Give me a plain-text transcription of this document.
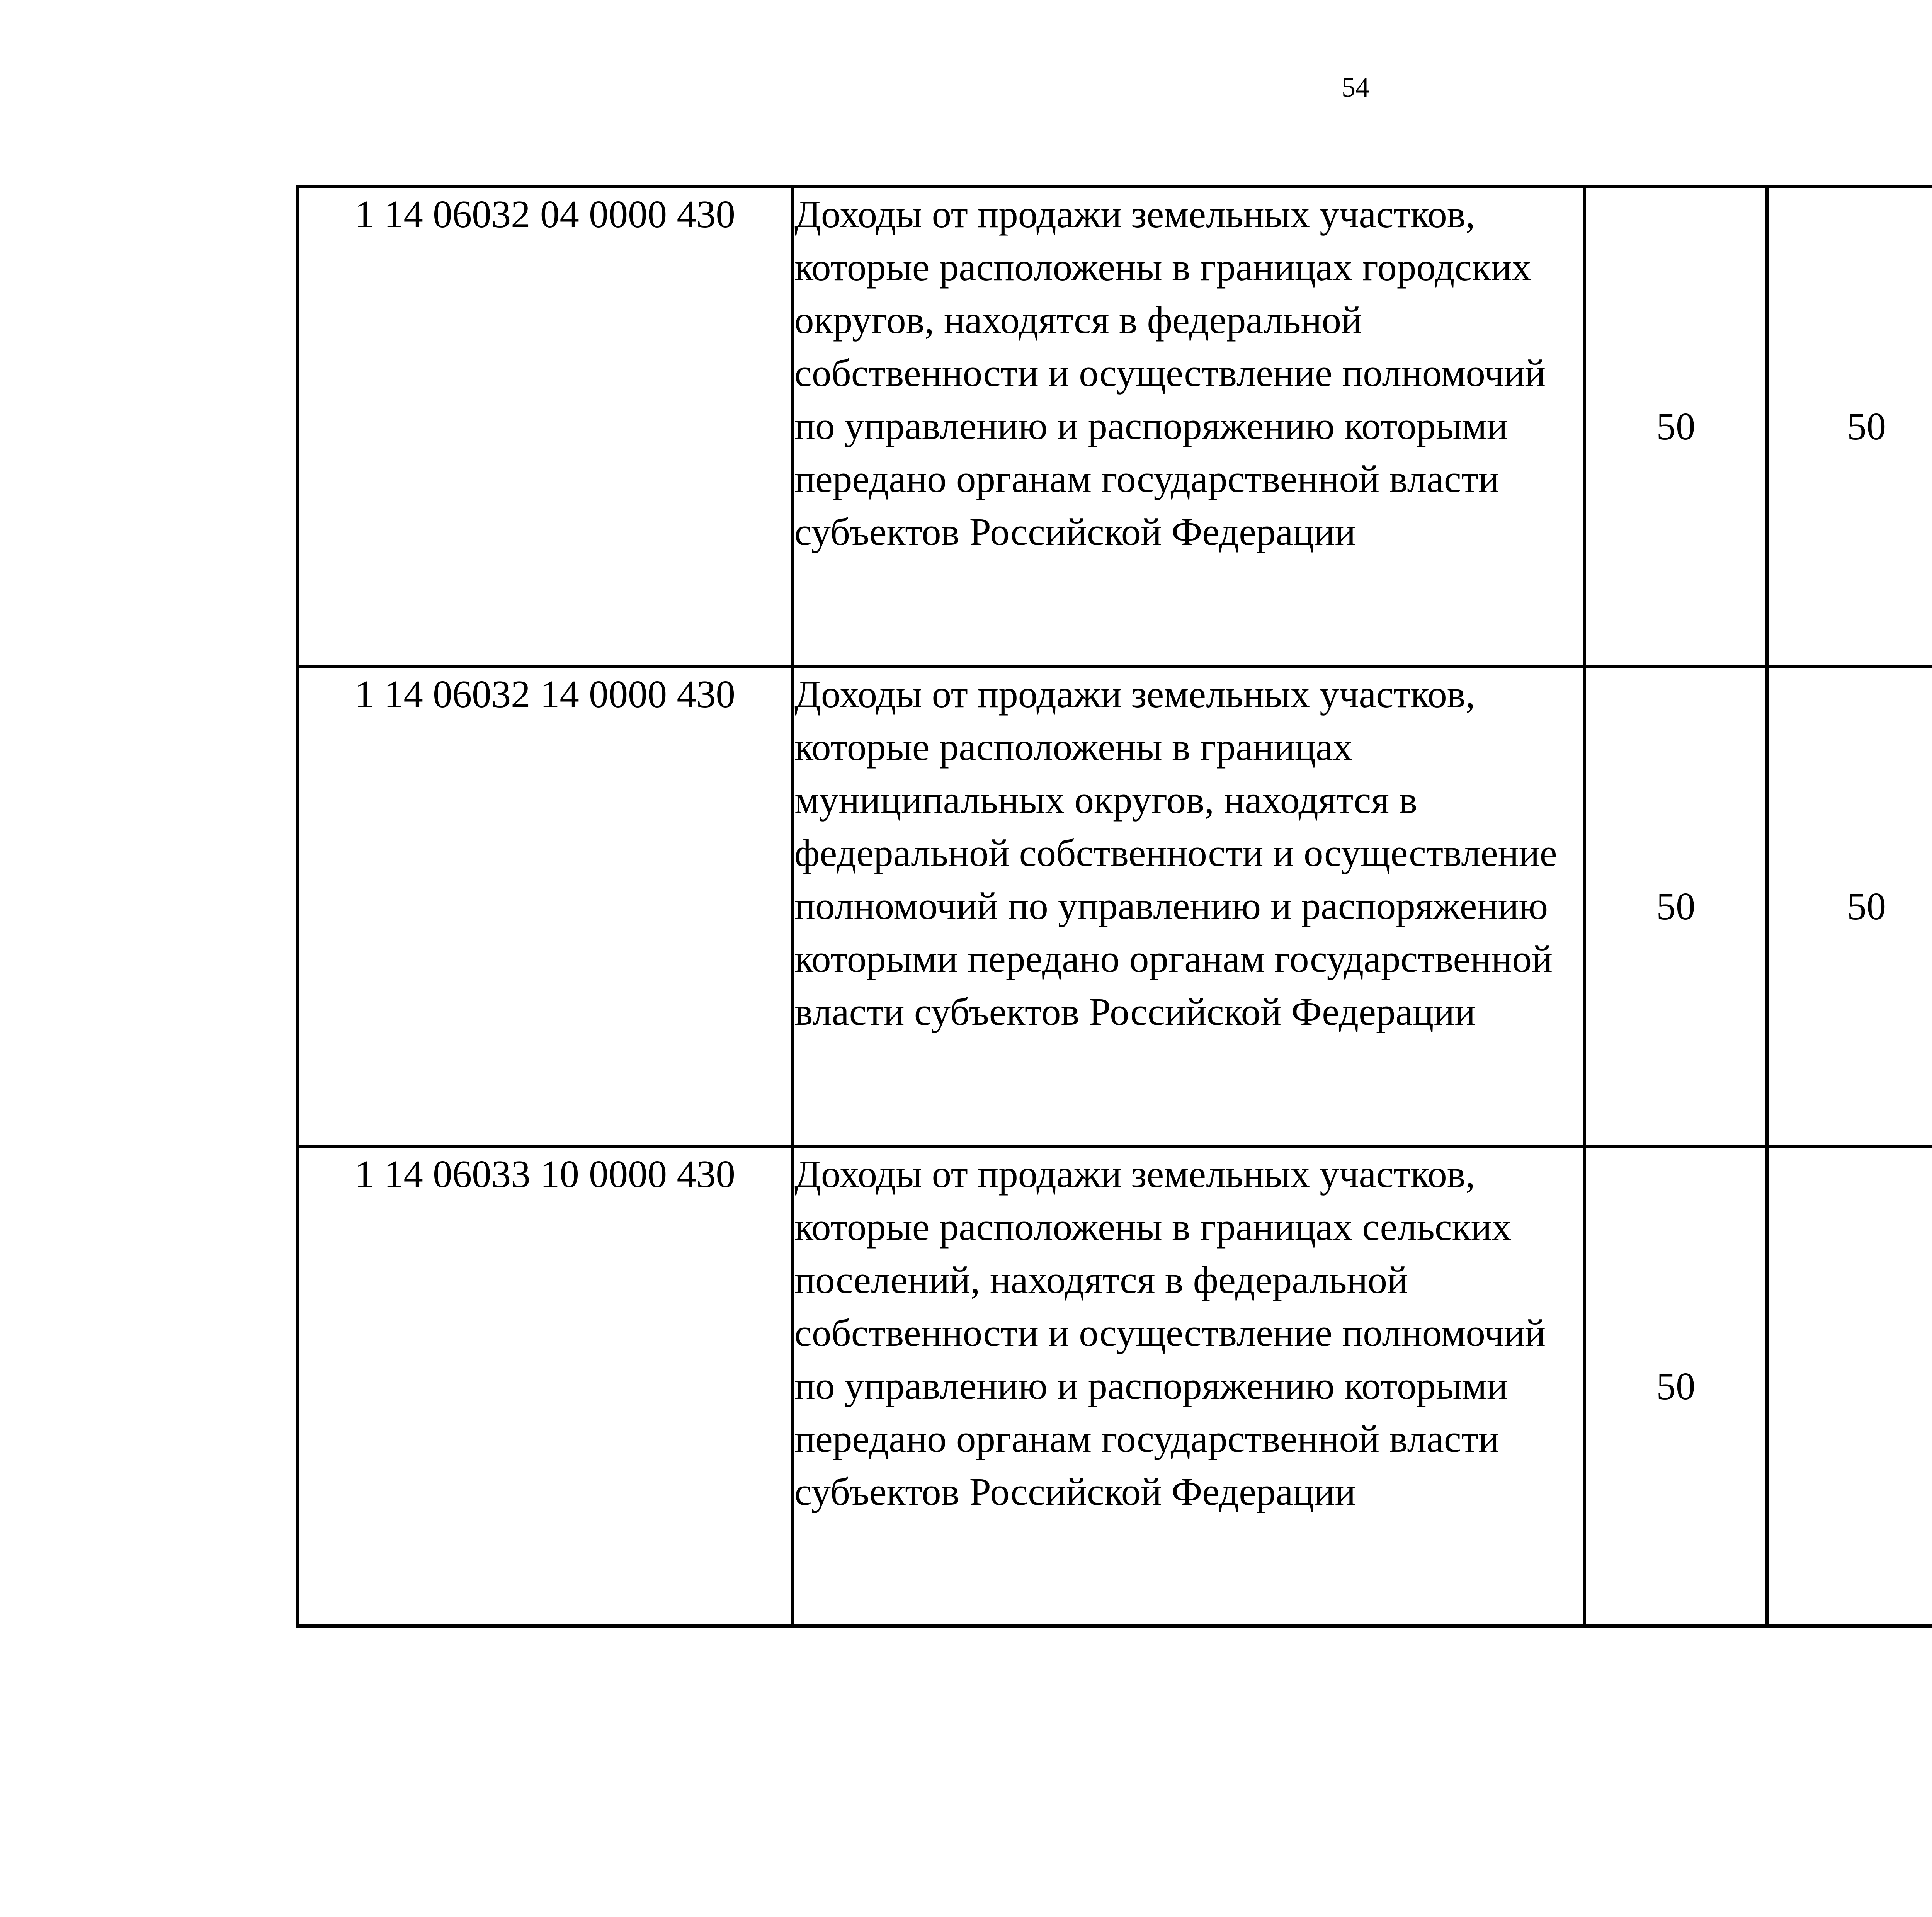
54
1 14 06032 04 0000 430	Доходы от продажи земельных участков, которые расположены в границах городских округов, находятся в федеральной собственности и осуществление полномочий по управлению и распоряжению которыми передано органам государственной власти субъектов Российской Федерации	50	50			
1 14 06032 14 0000 430	Доходы от продажи земельных участков, которые расположены в границах муниципальных округов, находятся в федеральной собственности и осуществление полномочий по управлению и распоряжению которыми передано органам государственной власти субъектов Российской Федерации	50	50			
1 14 06033 10 0000 430	Доходы от продажи земельных участков, которые расположены в границах сельских поселений, находятся в федеральной собственности и осуществление полномочий по управлению и распоряжению которыми передано органам государственной власти субъектов Российской Федерации	50				
